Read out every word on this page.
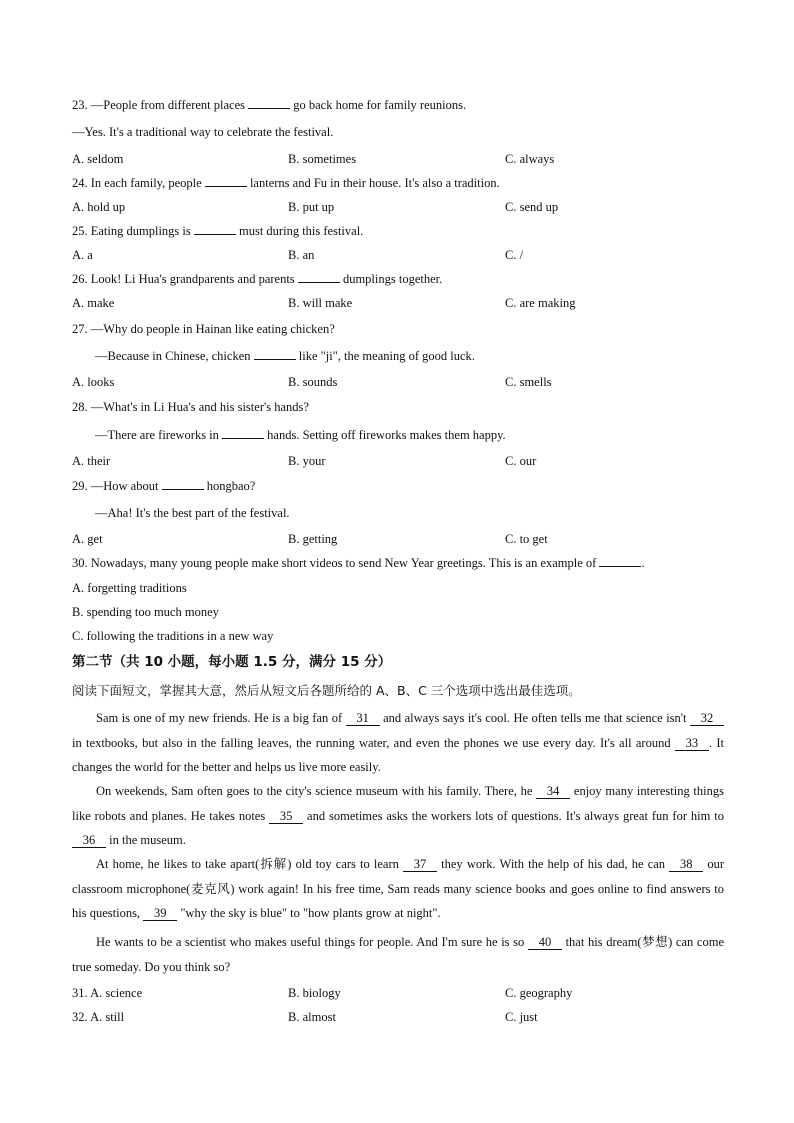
23. —People from different places	go back home for family reunions.
—Yes. It's a traditional way to celebrate the festival.
A. seldom	B. sometimes	C. always
24. In each family, people	lanterns and Fu in their house. It's also a tradition.
A. hold up	B. put up	C. send up
25. Eating dumplings is	must during this festival.
A. a	B. an	C. /
26. Look! Li Hua's grandparents and parents	dumplings together.
A. make	B. will make	C. are making
27. —Why do people in Hainan like eating chicken?
—Because in Chinese, chicken	like "ji", the meaning of good luck.
A. looks	B. sounds	C. smells
28. —What's in Li Hua's and his sister's hands?
—There are fireworks in	hands. Setting off fireworks makes them happy.
A. their	B. your	C. our
29. —How about	hongbao?
—Aha! It's the best part of the festival.
A. get	B. getting	C. to get
30. Nowadays, many young people make short videos to send New Year greetings. This is an example of	.
A. forgetting traditions
B. spending too much money
C. following the traditions in a new way
第二节（共 10 小题，每小题 1.5 分，满分 15 分）
阅读下面短文，掌握其大意，然后从短文后各题所给的 A、B、C 三个选项中选出最佳选项。
Sam is one of my new friends. He is a big fan of 31 and always says it's cool. He often tells me that science isn't 32 in textbooks, but also in the falling leaves, the running water, and even the phones we use every day. It's all around 33 . It changes the world for the better and helps us live more easily.
On weekends, Sam often goes to the city's science museum with his family. There, he 34 enjoy many interesting things like robots and planes. He takes notes 35 and sometimes asks the workers lots of questions. It's always great fun for him to 36 in the museum.
At home, he likes to take apart(拆解) old toy cars to learn 37 they work. With the help of his dad, he can 38 our classroom microphone(麦克风) work again! In his free time, Sam reads many science books and goes online to find answers to his questions, 39 "why the sky is blue" to "how plants grow at night".
He wants to be a scientist who makes useful things for people. And I'm sure he is so 40 that his dream(梦想) can come true someday. Do you think so?
31. A. science	B. biology	C. geography
32. A. still	B. almost	C. just
